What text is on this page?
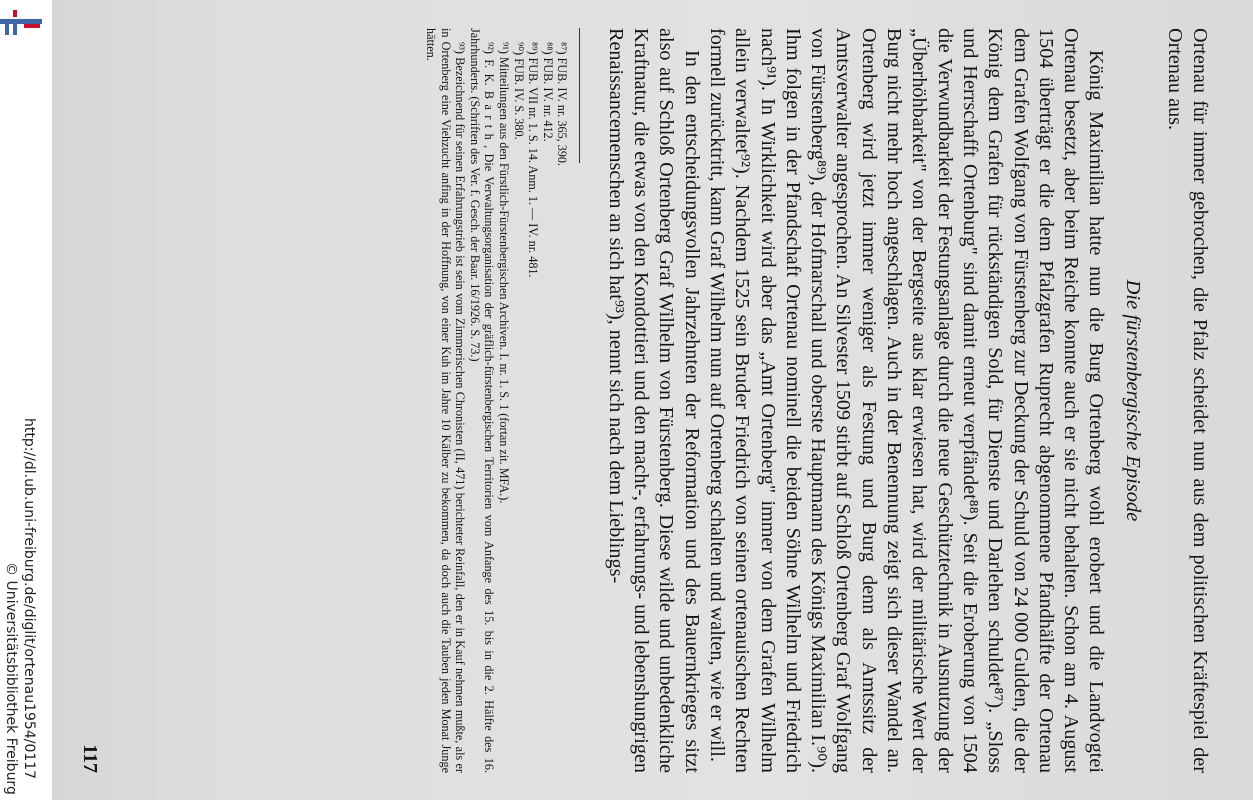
http://dl.ub.uni-freiburg.de/diglit/ortenau1954/0117
© Universitätsbibliothek Freiburg	Ortenau für immer gebrochen, die Pfalz scheidet nun aus dem politischen Kräftespiel der Ortenau aus.

Die fürstenbergische Episode

König Maximilian hatte nun die Burg Ortenberg wohl erobert und die Landvogtei Ortenau besetzt, aber beim Reiche konnte auch er sie nicht behalten. Schon am 4. August 1504 überträgt er die dem Pfalzgrafen Ruprecht abgenommene Pfandhälfte der Ortenau dem Grafen Wolfgang von Fürstenberg zur Deckung der Schuld von 24 000 Gulden, die der König dem Grafen für rückständigen Sold, für Dienste und Darlehen schuldet⁸⁷). „Sloss und Herrschafft Ortenburg" sind damit erneut verpfändet⁸⁸). Seit die Eroberung von 1504 die Verwundbarkeit der Festungsanlage durch die neue Geschütztechnik in Ausnutzung der „Überhöhbarkeit" von der Bergseite aus klar erwiesen hat, wird der militärische Wert der Burg nicht mehr hoch angeschlagen. Auch in der Benennung zeigt sich dieser Wandel an. Ortenberg wird jetzt immer weniger als Festung und Burg denn als Amtssitz der Amtsverwalter angesprochen. An Silvester 1509 stirbt auf Schloß Ortenberg Graf Wolfgang von Fürstenberg⁸⁹), der Hofmarschall und oberste Hauptmann des Königs Maximilian I.⁹⁰). Ihm folgen in der Pfandschaft Ortenau nominell die beiden Söhne Wilhelm und Friedrich nach⁹¹). In Wirklichkeit wird aber das „Amt Ortenberg" immer von dem Grafen Wilhelm allein verwaltet⁹²). Nachdem 1525 sein Bruder Friedrich von seinen ortenauischen Rechten formell zurücktritt, kann Graf Wilhelm nun auf Ortenberg schalten und walten, wie er will.

In den entscheidungsvollen Jahrzehnten der Reformation und des Bauernkrieges sitzt also auf Schloß Ortenberg Graf Wilhelm von Fürstenberg. Diese wilde und unbedenkliche Kraftnatur, die etwas von den Kondottieri und den macht-, erfahrungs- und lebenshungrigen Renaissancemenschen an sich hat⁹³), nennt sich nach dem Lieblings-

⁸⁷) FUB. IV. nr. 365, 390.

⁸⁸) FUB. IV. nr. 412.

⁸⁹) FUB. VII nr. 1. S. 14. Anm. 1. — IV. nr. 481.

⁹⁰) FUB. IV. S. 380.

⁹¹) Mitteilungen aus den Fürstlich-Fürstenbergischen Archiven. I. nr. 1. S. 1 (fortan zit. MFA.).

⁹²) F. K. B a r t h , Die Verwaltungsorganisation der gräflich-fürstenbergischen Territorien vom Anfange des 15. bis in die 2. Hälfte des 16. Jahrhunderts. (Schriften des Ver. f. Gesch. der Baar. 16/1926. S. 73.)

⁹³) Bezeichnend für seinen Erfahrungstrieb ist sein vom Zimmerischen Chronisten (II, 471) berichteter Reinfall, den er in Kauf nehmen mußte, als er in Ortenberg eine Viehzucht anfing in der Hoffnung, von einer Kuh im Jahre 10 Kälber zu bekommen, da doch auch die Tauben jeden Monat Junge hätten.

117
